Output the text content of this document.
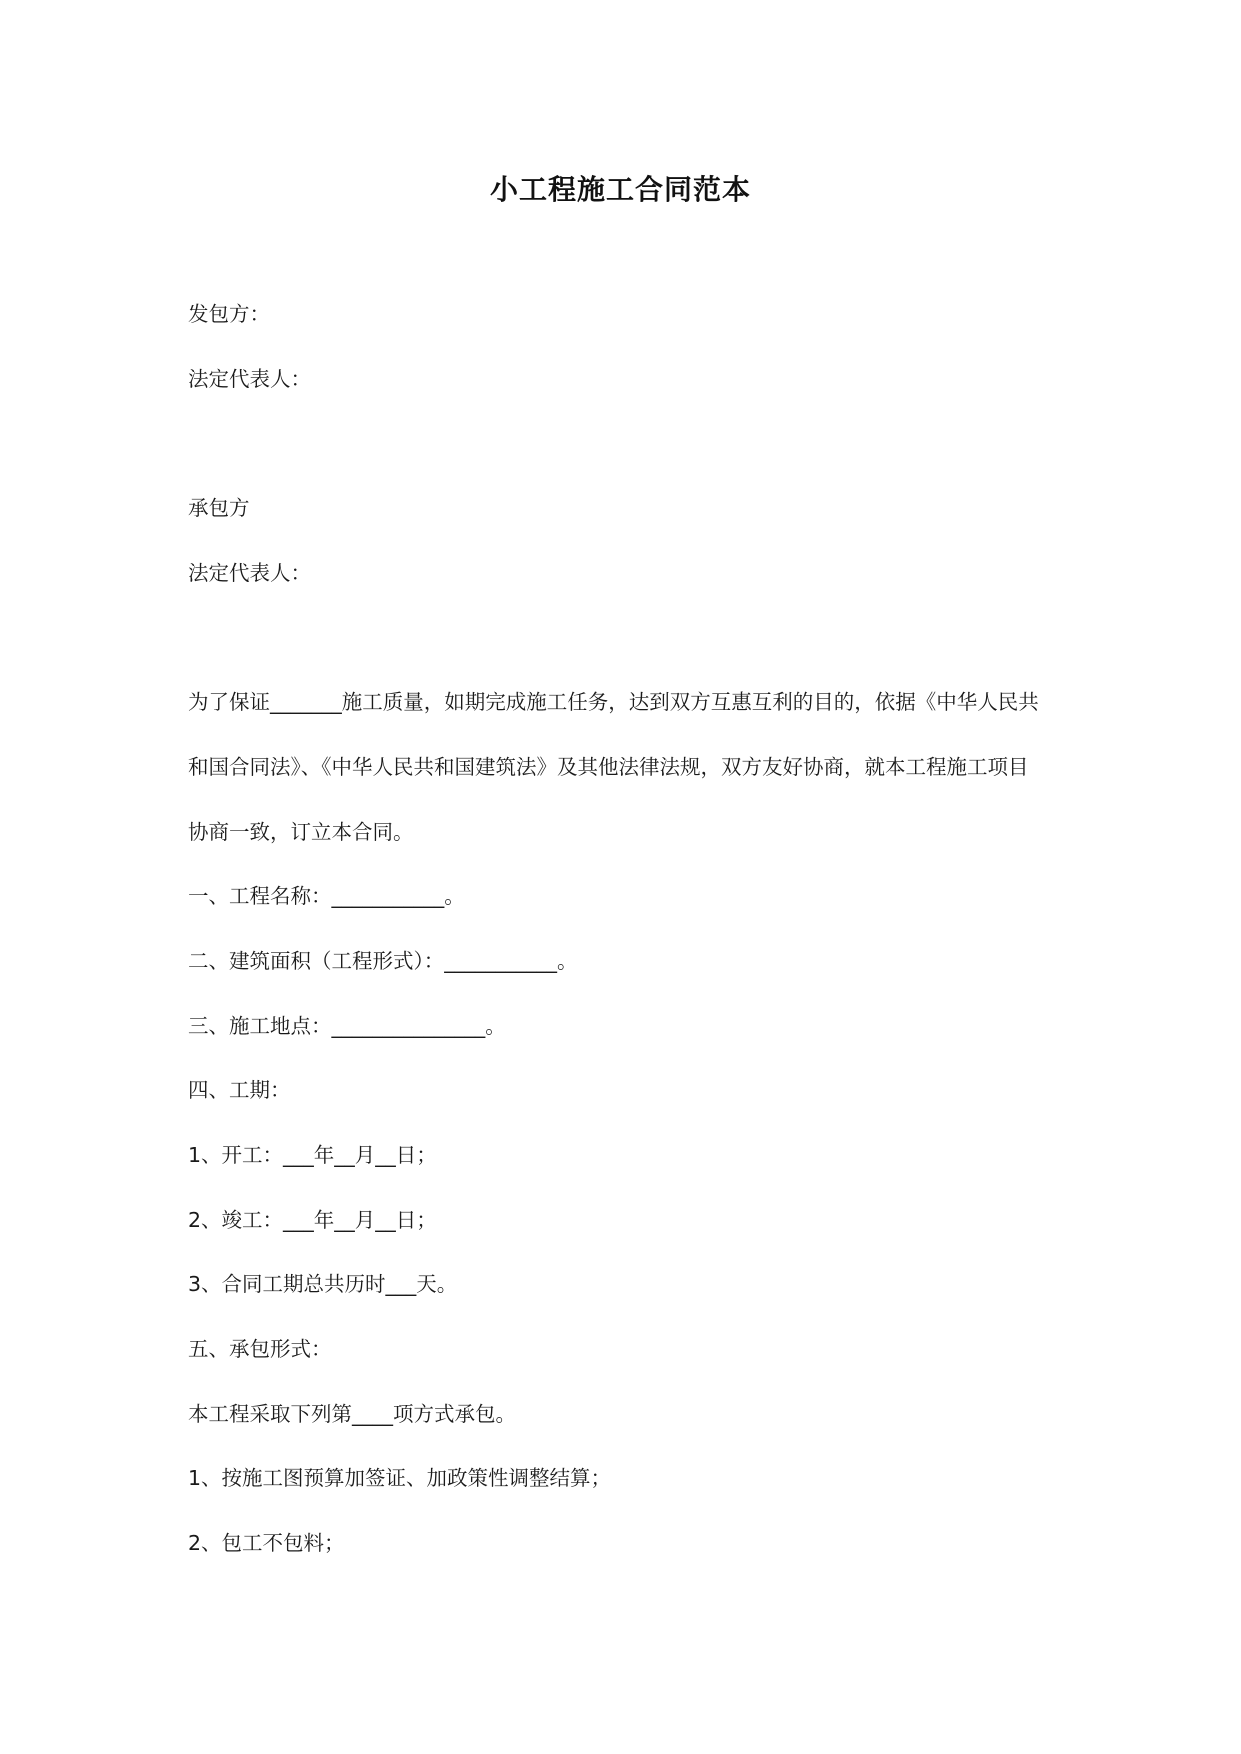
小工程施工合同范本
发包方：
法定代表人：
承包方
法定代表人：
为了保证_______施工质量，如期完成施工任务，达到双方互惠互利的目的，依据《中华人民共
和国合同法》、《中华人民共和国建筑法》及其他法律法规，双方友好协商，就本工程施工项目
协商一致，订立本合同。
一、工程名称：___________。
二、建筑面积（工程形式）：___________。
三、施工地点：_______________。
四、工期：
1、开工：___年__月__日；
2、竣工：___年__月__日；
3、合同工期总共历时___天。
五、承包形式：
本工程采取下列第____项方式承包。
1、按施工图预算加签证、加政策性调整结算；
2、包工不包料；
